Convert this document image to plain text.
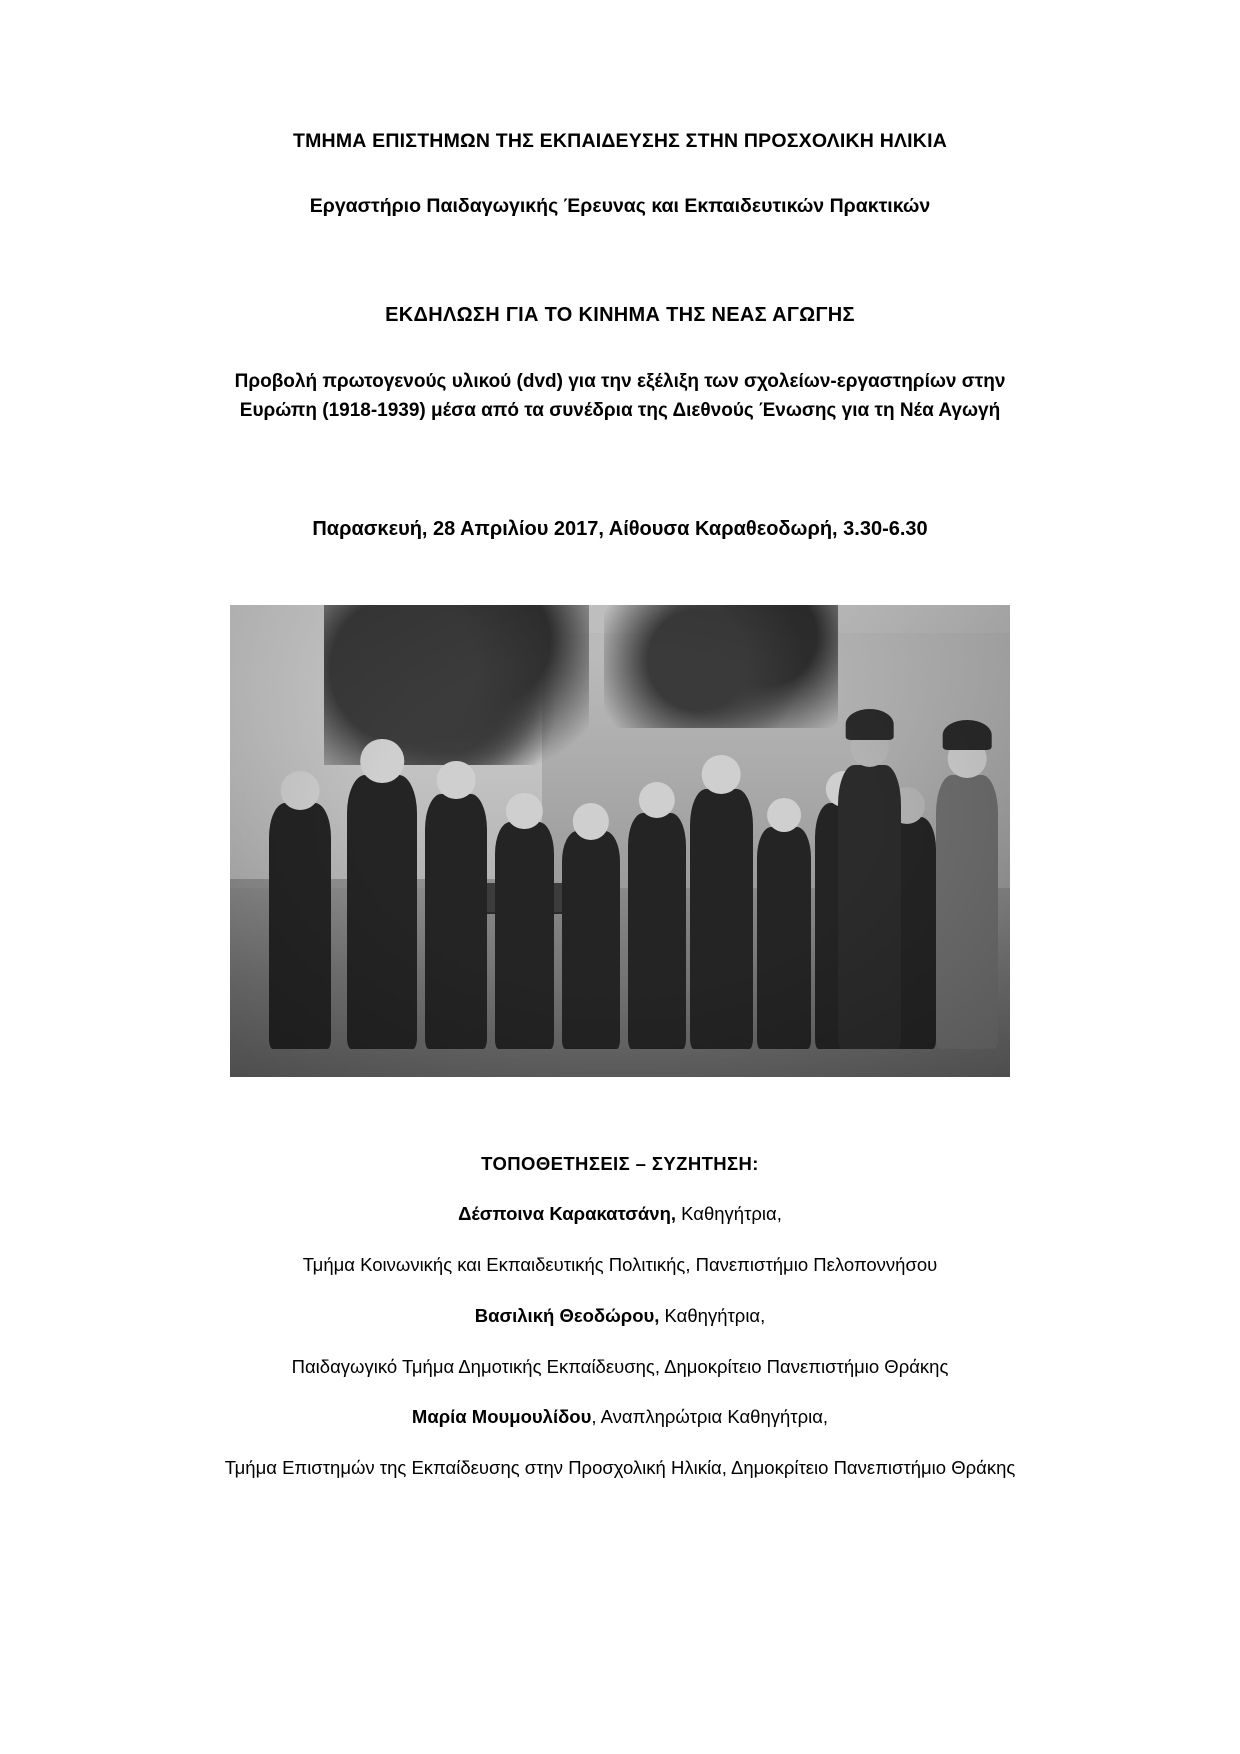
ΤΜΗΜΑ ΕΠΙΣΤΗΜΩΝ ΤΗΣ ΕΚΠΑΙΔΕΥΣΗΣ ΣΤΗΝ ΠΡΟΣΧΟΛΙΚΗ ΗΛΙΚΙΑ
Εργαστήριο Παιδαγωγικής Έρευνας και Εκπαιδευτικών Πρακτικών
ΕΚΔΗΛΩΣΗ ΓΙΑ ΤΟ ΚΙΝΗΜΑ ΤΗΣ ΝΕΑΣ ΑΓΩΓΗΣ
Προβολή πρωτογενούς υλικού (dvd) για την εξέλιξη των σχολείων-εργαστηρίων στην
Ευρώπη (1918-1939) μέσα από τα συνέδρια της Διεθνούς Ένωσης για τη Νέα Αγωγή
Παρασκευή, 28 Απριλίου 2017, Αίθουσα Καραθεοδωρή, 3.30-6.30
ΤΟΠΟΘΕΤΗΣΕΙΣ – ΣΥΖΗΤΗΣΗ:
Δέσποινα Καρακατσάνη, Καθηγήτρια,
Τμήμα Κοινωνικής και Εκπαιδευτικής Πολιτικής, Πανεπιστήμιο Πελοποννήσου
Βασιλική Θεοδώρου, Καθηγήτρια,
Παιδαγωγικό Τμήμα Δημοτικής Εκπαίδευσης, Δημοκρίτειο Πανεπιστήμιο Θράκης
Μαρία Μουμουλίδου, Αναπληρώτρια Καθηγήτρια,
Τμήμα Επιστημών της Εκπαίδευσης στην Προσχολική Ηλικία, Δημοκρίτειο Πανεπιστήμιο Θράκης
